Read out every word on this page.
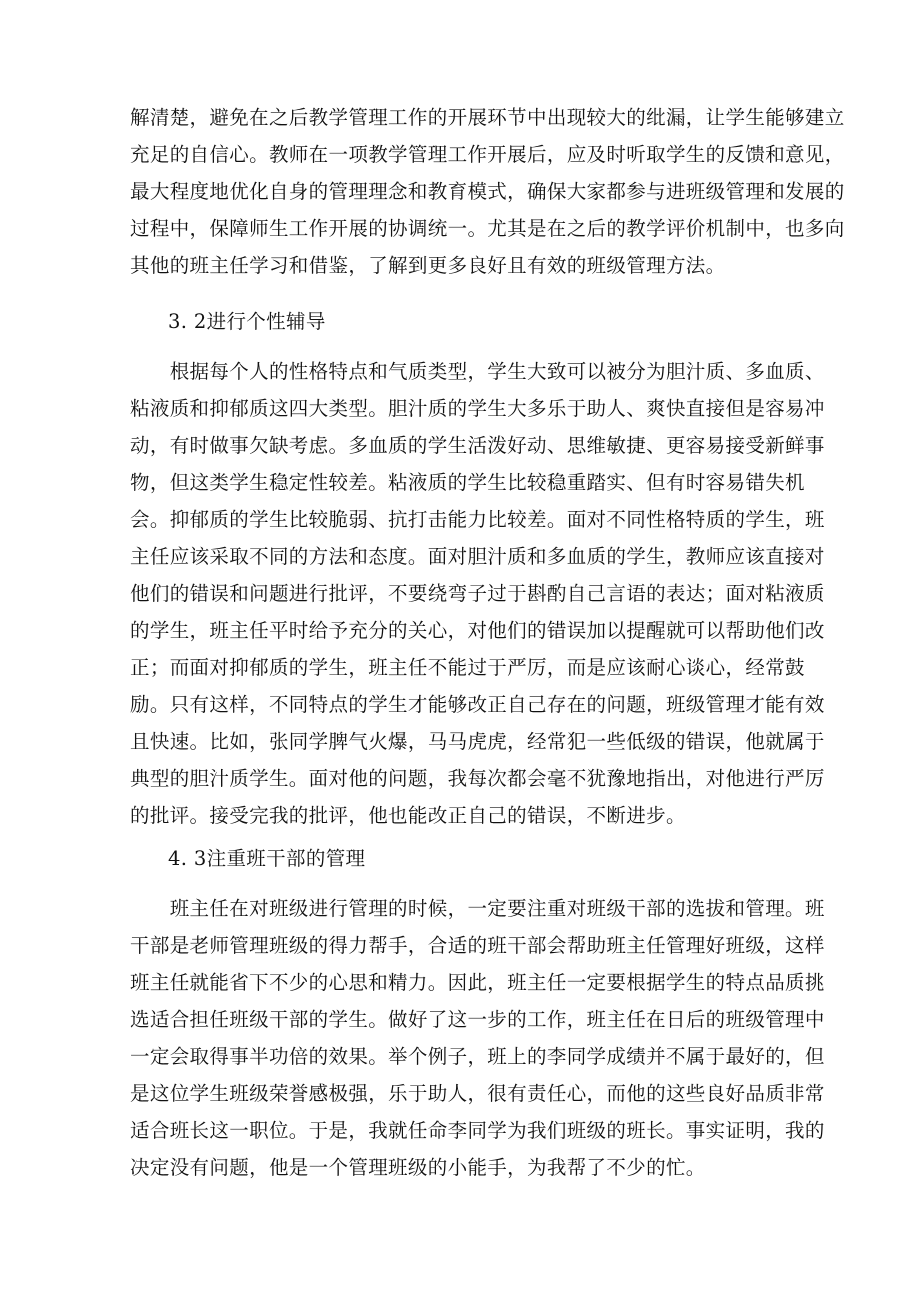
解清楚，避免在之后教学管理工作的开展环节中出现较大的纰漏，让学生能够建立
充足的自信心。教师在一项教学管理工作开展后，应及时听取学生的反馈和意见，
最大程度地优化自身的管理理念和教育模式，确保大家都参与进班级管理和发展的
过程中，保障师生工作开展的协调统一。尤其是在之后的教学评价机制中，也多向
其他的班主任学习和借鉴，了解到更多良好且有效的班级管理方法。
3. 2进行个性辅导
　　根据每个人的性格特点和气质类型，学生大致可以被分为胆汁质、多血质、
粘液质和抑郁质这四大类型。胆汁质的学生大多乐于助人、爽快直接但是容易冲
动，有时做事欠缺考虑。多血质的学生活泼好动、思维敏捷、更容易接受新鲜事
物，但这类学生稳定性较差。粘液质的学生比较稳重踏实、但有时容易错失机
会。抑郁质的学生比较脆弱、抗打击能力比较差。面对不同性格特质的学生，班
主任应该采取不同的方法和态度。面对胆汁质和多血质的学生，教师应该直接对
他们的错误和问题进行批评，不要绕弯子过于斟酌自己言语的表达；面对粘液质
的学生，班主任平时给予充分的关心，对他们的错误加以提醒就可以帮助他们改
正；而面对抑郁质的学生，班主任不能过于严厉，而是应该耐心谈心，经常鼓
励。只有这样，不同特点的学生才能够改正自己存在的问题，班级管理才能有效
且快速。比如，张同学脾气火爆，马马虎虎，经常犯一些低级的错误，他就属于
典型的胆汁质学生。面对他的问题，我每次都会毫不犹豫地指出，对他进行严厉
的批评。接受完我的批评，他也能改正自己的错误，不断进步。
4. 3注重班干部的管理
　　班主任在对班级进行管理的时候，一定要注重对班级干部的选拔和管理。班
干部是老师管理班级的得力帮手，合适的班干部会帮助班主任管理好班级，这样
班主任就能省下不少的心思和精力。因此，班主任一定要根据学生的特点品质挑
选适合担任班级干部的学生。做好了这一步的工作，班主任在日后的班级管理中
一定会取得事半功倍的效果。举个例子，班上的李同学成绩并不属于最好的，但
是这位学生班级荣誉感极强，乐于助人，很有责任心，而他的这些良好品质非常
适合班长这一职位。于是，我就任命李同学为我们班级的班长。事实证明，我的
决定没有问题，他是一个管理班级的小能手，为我帮了不少的忙。
